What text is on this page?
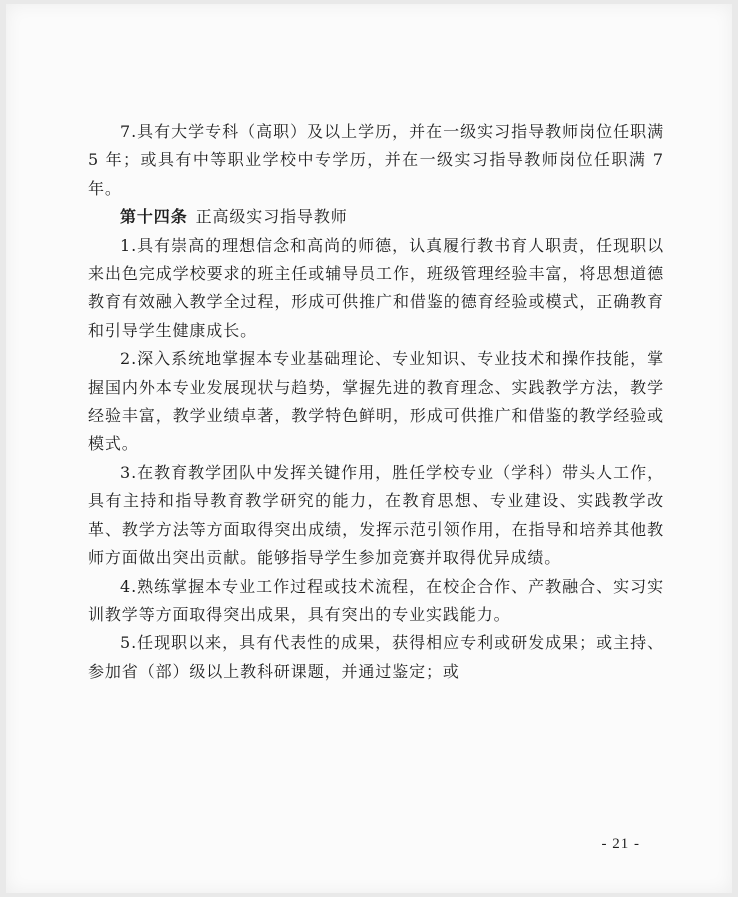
7.具有大学专科（高职）及以上学历，并在一级实习指导教师岗位任职满 5 年；或具有中等职业学校中专学历，并在一级实习指导教师岗位任职满 7 年。

第十四条 正高级实习指导教师

1.具有崇高的理想信念和高尚的师德，认真履行教书育人职责，任现职以来出色完成学校要求的班主任或辅导员工作，班级管理经验丰富，将思想道德教育有效融入教学全过程，形成可供推广和借鉴的德育经验或模式，正确教育和引导学生健康成长。

2.深入系统地掌握本专业基础理论、专业知识、专业技术和操作技能，掌握国内外本专业发展现状与趋势，掌握先进的教育理念、实践教学方法，教学经验丰富，教学业绩卓著，教学特色鲜明，形成可供推广和借鉴的教学经验或模式。

3.在教育教学团队中发挥关键作用，胜任学校专业（学科）带头人工作，具有主持和指导教育教学研究的能力，在教育思想、专业建设、实践教学改革、教学方法等方面取得突出成绩，发挥示范引领作用，在指导和培养其他教师方面做出突出贡献。能够指导学生参加竞赛并取得优异成绩。

4.熟练掌握本专业工作过程或技术流程，在校企合作、产教融合、实习实训教学等方面取得突出成果，具有突出的专业实践能力。

5.任现职以来，具有代表性的成果，获得相应专利或研发成果；或主持、参加省（部）级以上教科研课题，并通过鉴定；或

- 21 -
